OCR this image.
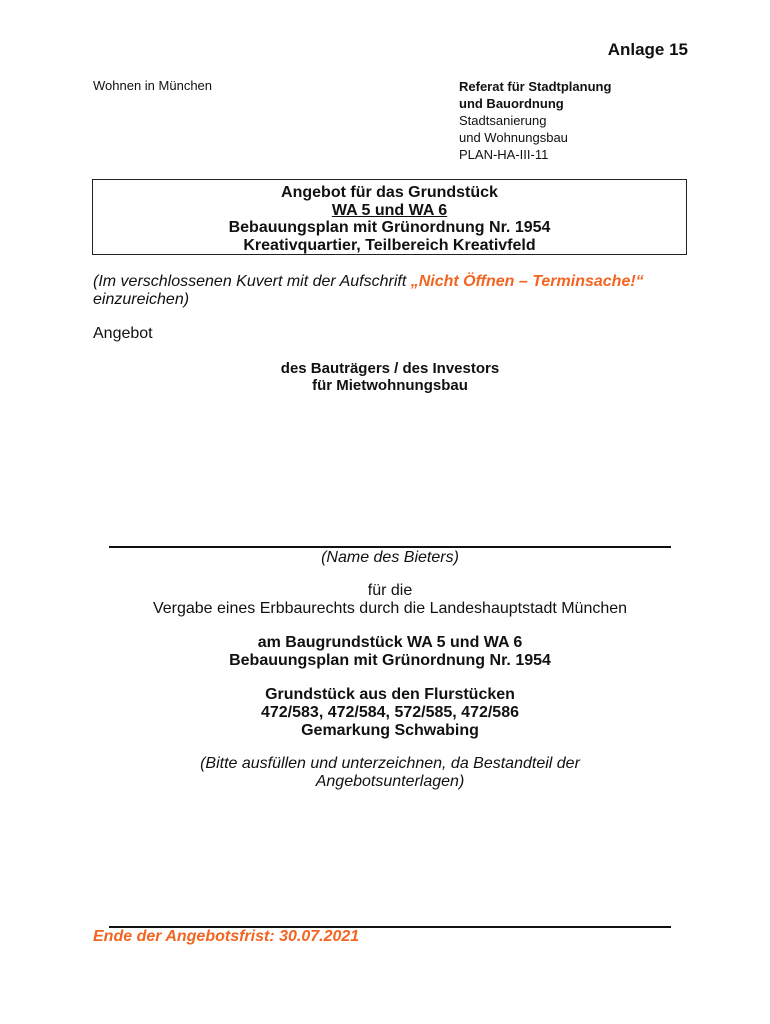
Anlage 15
Wohnen in München	Referat für Stadtplanung
und Bauordnung
Stadtsanierung
und Wohnungsbau
PLAN-HA-III-11
Angebot für das Grundstück
WA 5 und WA 6
Bebauungsplan mit Grünordnung Nr. 1954
Kreativquartier, Teilbereich Kreativfeld
(Im verschlossenen Kuvert mit der Aufschrift „Nicht Öffnen – Terminsache!“ einzureichen)
Angebot
des Bauträgers / des Investors
für Mietwohnungsbau
(Name des Bieters)
für die
Vergabe eines Erbbaurechts durch die Landeshauptstadt München
am Baugrundstück WA 5 und WA 6
Bebauungsplan mit Grünordnung Nr. 1954
Grundstück aus den Flurstücken
472/583, 472/584, 572/585, 472/586
Gemarkung Schwabing
(Bitte ausfüllen und unterzeichnen, da Bestandteil der
Angebotsunterlagen)
Ende der Angebotsfrist: 30.07.2021
